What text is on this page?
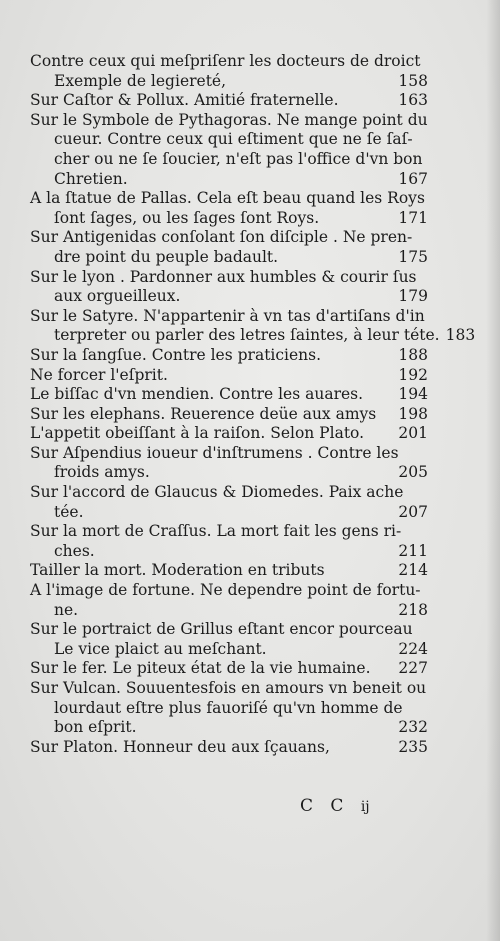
Contre ceux qui meſpriſenr les docteurs de droict
Exemple de legiereté,	158
Sur Caſtor & Pollux. Amitié fraternelle.	163
Sur le Symbole de Pythagoras. Ne mange point du
cueur. Contre ceux qui eſtiment que ne ſe ſaſ-
cher ou ne ſe ſoucier, n'eſt pas l'office d'vn bon
Chretien.	167
A la ſtatue de Pallas. Cela eſt beau quand les Roys
ſont ſages, ou les ſages ſont Roys.	171
Sur Antigenidas conſolant ſon diſciple . Ne pren-
dre point du peuple badault.	175
Sur le lyon . Pardonner aux humbles & courir ſus
aux orgueilleux.	179
Sur le Satyre. N'appartenir à vn tas d'artiſans d'in
terpreter ou parler des letres ſaintes, à leur téte. 183
Sur la ſangſue. Contre les praticiens.	188
Ne forcer l'eſprit.	192
Le biſſac d'vn mendien. Contre les auares.	194
Sur les elephans. Reuerence deüe aux amys	198
L'appetit obeiſſant à la raiſon. Selon Plato.	201
Sur Aſpendius ioueur d'inſtrumens . Contre les
froids amys.	205
Sur l'accord de Glaucus & Diomedes. Paix ache
tée.	207
Sur la mort de Craſſus. La mort fait les gens ri-
ches.	211
Tailler la mort. Moderation en tributs	214
A l'image de fortune. Ne dependre point de fortu-
ne.	218
Sur le portraict de Grillus eſtant encor pourceau
Le vice plaict au meſchant.	224
Sur le fer. Le piteux état de la vie humaine.	227
Sur Vulcan. Souuentesfois en amours vn beneit ou
lourdaut eſtre plus fauoriſé qu'vn homme de
bon eſprit.	232
Sur Platon. Honneur deu aux ſçauans,	235
C C ij
